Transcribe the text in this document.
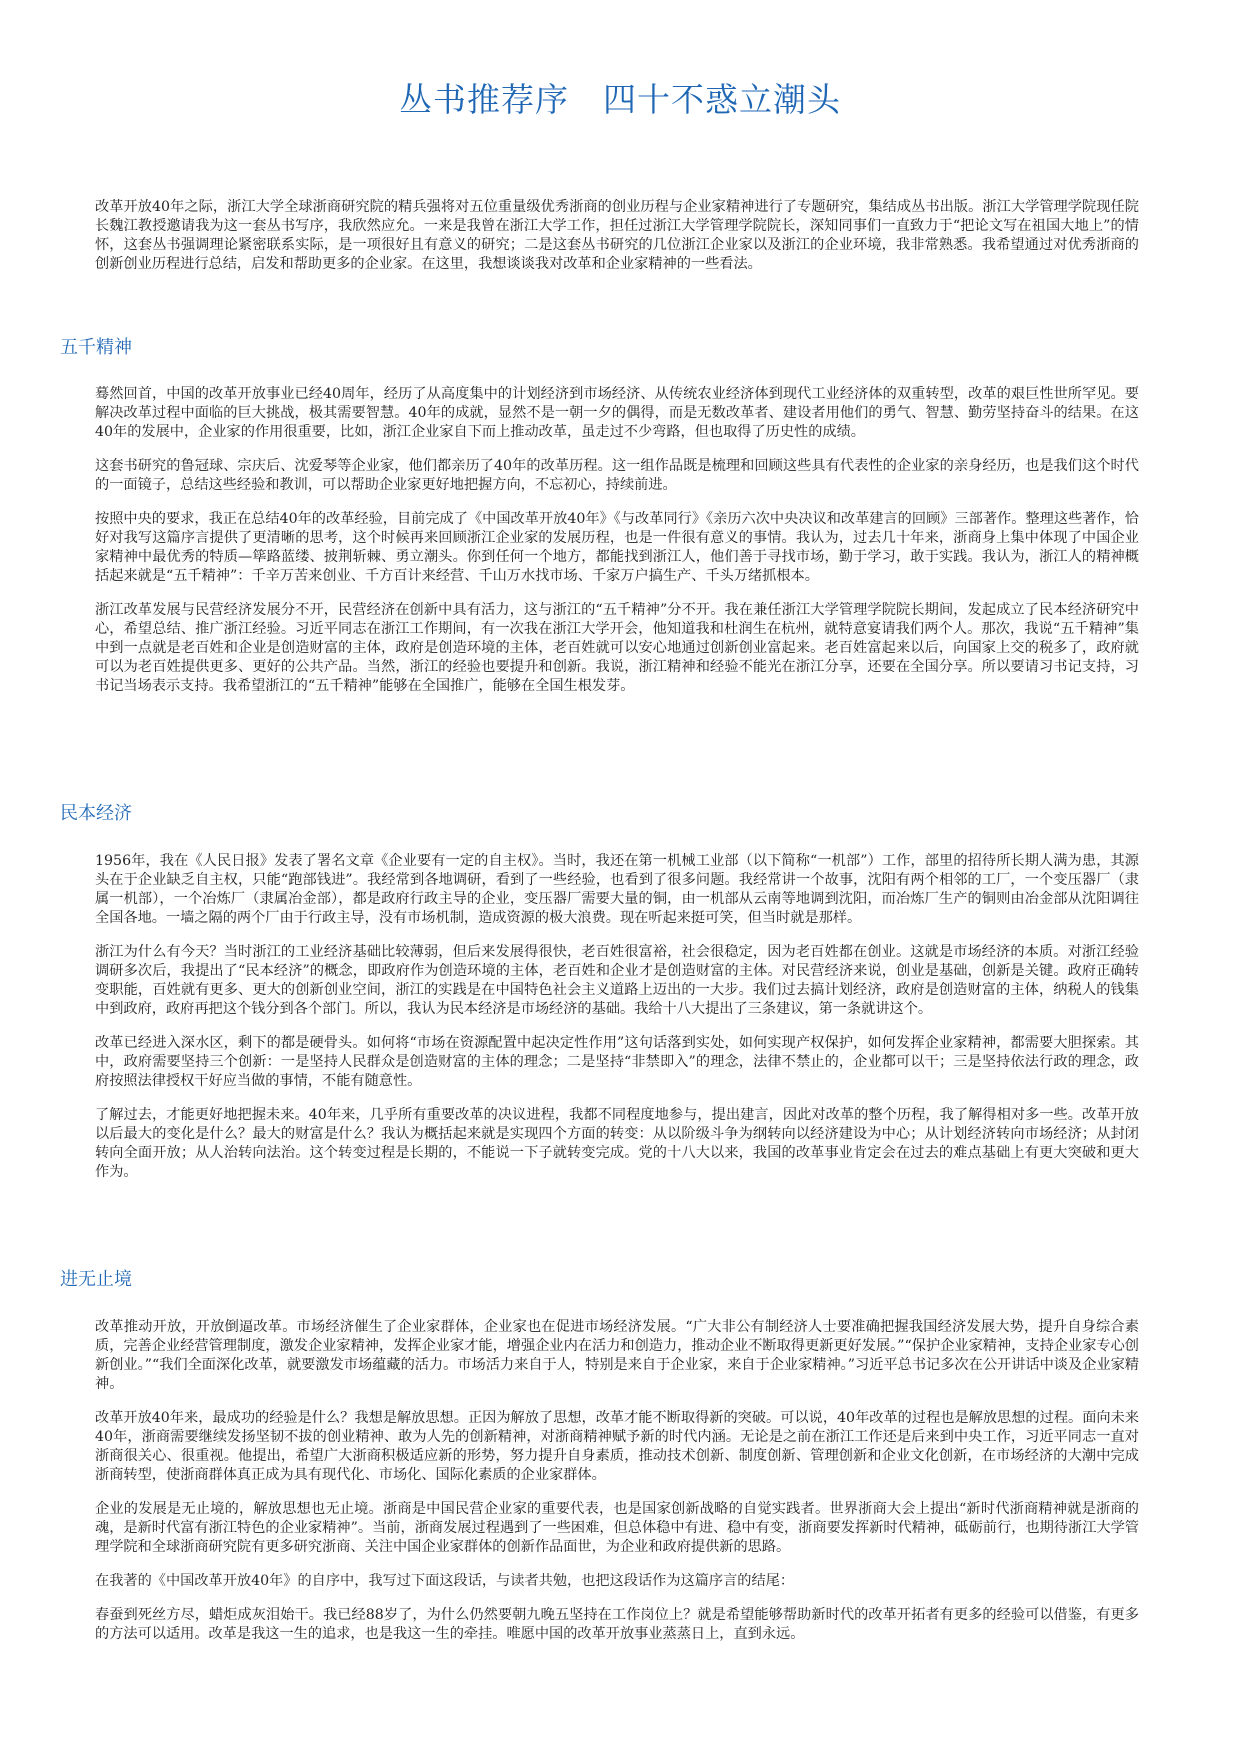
丛书推荐序 四十不惑立潮头

改革开放40年之际，浙江大学全球浙商研究院的精兵强将对五位重量级优秀浙商的创业历程与企业家精神进行了专题研究，集结成丛书出版。浙江大学管理学院现任院长魏江教授邀请我为这一套丛书写序，我欣然应允。一来是我曾在浙江大学工作，担任过浙江大学管理学院院长，深知同事们一直致力于“把论文写在祖国大地上”的情怀，这套丛书强调理论紧密联系实际，是一项很好且有意义的研究；二是这套丛书研究的几位浙江企业家以及浙江的企业环境，我非常熟悉。我希望通过对优秀浙商的创新创业历程进行总结，启发和帮助更多的企业家。在这里，我想谈谈我对改革和企业家精神的一些看法。

五千精神

蓦然回首，中国的改革开放事业已经40周年，经历了从高度集中的计划经济到市场经济、从传统农业经济体到现代工业经济体的双重转型，改革的艰巨性世所罕见。要解决改革过程中面临的巨大挑战，极其需要智慧。40年的成就，显然不是一朝一夕的偶得，而是无数改革者、建设者用他们的勇气、智慧、勤劳坚持奋斗的结果。在这40年的发展中，企业家的作用很重要，比如，浙江企业家自下而上推动改革，虽走过不少弯路，但也取得了历史性的成绩。

这套书研究的鲁冠球、宗庆后、沈爱琴等企业家，他们都亲历了40年的改革历程。这一组作品既是梳理和回顾这些具有代表性的企业家的亲身经历，也是我们这个时代的一面镜子，总结这些经验和教训，可以帮助企业家更好地把握方向，不忘初心，持续前进。

按照中央的要求，我正在总结40年的改革经验，目前完成了《中国改革开放40年》《与改革同行》《亲历六次中央决议和改革建言的回顾》三部著作。整理这些著作，恰好对我写这篇序言提供了更清晰的思考，这个时候再来回顾浙江企业家的发展历程，也是一件很有意义的事情。我认为，过去几十年来，浙商身上集中体现了中国企业家精神中最优秀的特质—筚路蓝缕、披荆斩棘、勇立潮头。你到任何一个地方，都能找到浙江人，他们善于寻找市场，勤于学习，敢于实践。我认为，浙江人的精神概括起来就是“五千精神”：千辛万苦来创业、千方百计来经营、千山万水找市场、千家万户搞生产、千头万绪抓根本。

浙江改革发展与民营经济发展分不开，民营经济在创新中具有活力，这与浙江的“五千精神”分不开。我在兼任浙江大学管理学院院长期间，发起成立了民本经济研究中心，希望总结、推广浙江经验。习近平同志在浙江工作期间，有一次我在浙江大学开会，他知道我和杜润生在杭州，就特意宴请我们两个人。那次，我说“五千精神”集中到一点就是老百姓和企业是创造财富的主体，政府是创造环境的主体，老百姓就可以安心地通过创新创业富起来。老百姓富起来以后，向国家上交的税多了，政府就可以为老百姓提供更多、更好的公共产品。当然，浙江的经验也要提升和创新。我说，浙江精神和经验不能光在浙江分享，还要在全国分享。所以要请习书记支持，习书记当场表示支持。我希望浙江的“五千精神”能够在全国推广，能够在全国生根发芽。

民本经济

1956年，我在《人民日报》发表了署名文章《企业要有一定的自主权》。当时，我还在第一机械工业部（以下简称“一机部”）工作，部里的招待所长期人满为患，其源头在于企业缺乏自主权，只能“跑部钱进”。我经常到各地调研，看到了一些经验，也看到了很多问题。我经常讲一个故事，沈阳有两个相邻的工厂，一个变压器厂（隶属一机部），一个冶炼厂（隶属冶金部），都是政府行政主导的企业，变压器厂需要大量的铜，由一机部从云南等地调到沈阳，而冶炼厂生产的铜则由冶金部从沈阳调往全国各地。一墙之隔的两个厂由于行政主导，没有市场机制，造成资源的极大浪费。现在听起来挺可笑，但当时就是那样。

浙江为什么有今天？当时浙江的工业经济基础比较薄弱，但后来发展得很快，老百姓很富裕，社会很稳定，因为老百姓都在创业。这就是市场经济的本质。对浙江经验调研多次后，我提出了“民本经济”的概念，即政府作为创造环境的主体，老百姓和企业才是创造财富的主体。对民营经济来说，创业是基础，创新是关键。政府正确转变职能，百姓就有更多、更大的创新创业空间，浙江的实践是在中国特色社会主义道路上迈出的一大步。我们过去搞计划经济，政府是创造财富的主体，纳税人的钱集中到政府，政府再把这个钱分到各个部门。所以，我认为民本经济是市场经济的基础。我给十八大提出了三条建议，第一条就讲这个。

改革已经进入深水区，剩下的都是硬骨头。如何将“市场在资源配置中起决定性作用”这句话落到实处，如何实现产权保护，如何发挥企业家精神，都需要大胆探索。其中，政府需要坚持三个创新：一是坚持人民群众是创造财富的主体的理念；二是坚持“非禁即入”的理念，法律不禁止的，企业都可以干；三是坚持依法行政的理念，政府按照法律授权干好应当做的事情，不能有随意性。

了解过去，才能更好地把握未来。40年来，几乎所有重要改革的决议进程，我都不同程度地参与，提出建言，因此对改革的整个历程，我了解得相对多一些。改革开放以后最大的变化是什么？最大的财富是什么？我认为概括起来就是实现四个方面的转变：从以阶级斗争为纲转向以经济建设为中心；从计划经济转向市场经济；从封闭转向全面开放；从人治转向法治。这个转变过程是长期的，不能说一下子就转变完成。党的十八大以来，我国的改革事业肯定会在过去的难点基础上有更大突破和更大作为。

进无止境

改革推动开放，开放倒逼改革。市场经济催生了企业家群体，企业家也在促进市场经济发展。“广大非公有制经济人士要准确把握我国经济发展大势，提升自身综合素质，完善企业经营管理制度，激发企业家精神，发挥企业家才能，增强企业内在活力和创造力，推动企业不断取得更新更好发展。”“保护企业家精神，支持企业家专心创新创业。”“我们全面深化改革，就要激发市场蕴藏的活力。市场活力来自于人，特别是来自于企业家，来自于企业家精神。”习近平总书记多次在公开讲话中谈及企业家精神。

改革开放40年来，最成功的经验是什么？我想是解放思想。正因为解放了思想，改革才能不断取得新的突破。可以说，40年改革的过程也是解放思想的过程。面向未来40年，浙商需要继续发扬坚韧不拔的创业精神、敢为人先的创新精神，对浙商精神赋予新的时代内涵。无论是之前在浙江工作还是后来到中央工作，习近平同志一直对浙商很关心、很重视。他提出，希望广大浙商积极适应新的形势，努力提升自身素质，推动技术创新、制度创新、管理创新和企业文化创新，在市场经济的大潮中完成浙商转型，使浙商群体真正成为具有现代化、市场化、国际化素质的企业家群体。

企业的发展是无止境的，解放思想也无止境。浙商是中国民营企业家的重要代表，也是国家创新战略的自觉实践者。世界浙商大会上提出“新时代浙商精神就是浙商的魂，是新时代富有浙江特色的企业家精神”。当前，浙商发展过程遇到了一些困难，但总体稳中有进、稳中有变，浙商要发挥新时代精神，砥砺前行，也期待浙江大学管理学院和全球浙商研究院有更多研究浙商、关注中国企业家群体的创新作品面世，为企业和政府提供新的思路。

在我著的《中国改革开放40年》的自序中，我写过下面这段话，与读者共勉，也把这段话作为这篇序言的结尾：

春蚕到死丝方尽，蜡炬成灰泪始干。我已经88岁了，为什么仍然要朝九晚五坚持在工作岗位上？就是希望能够帮助新时代的改革开拓者有更多的经验可以借鉴，有更多的方法可以适用。改革是我这一生的追求，也是我这一生的牵挂。唯愿中国的改革开放事业蒸蒸日上，直到永远。
